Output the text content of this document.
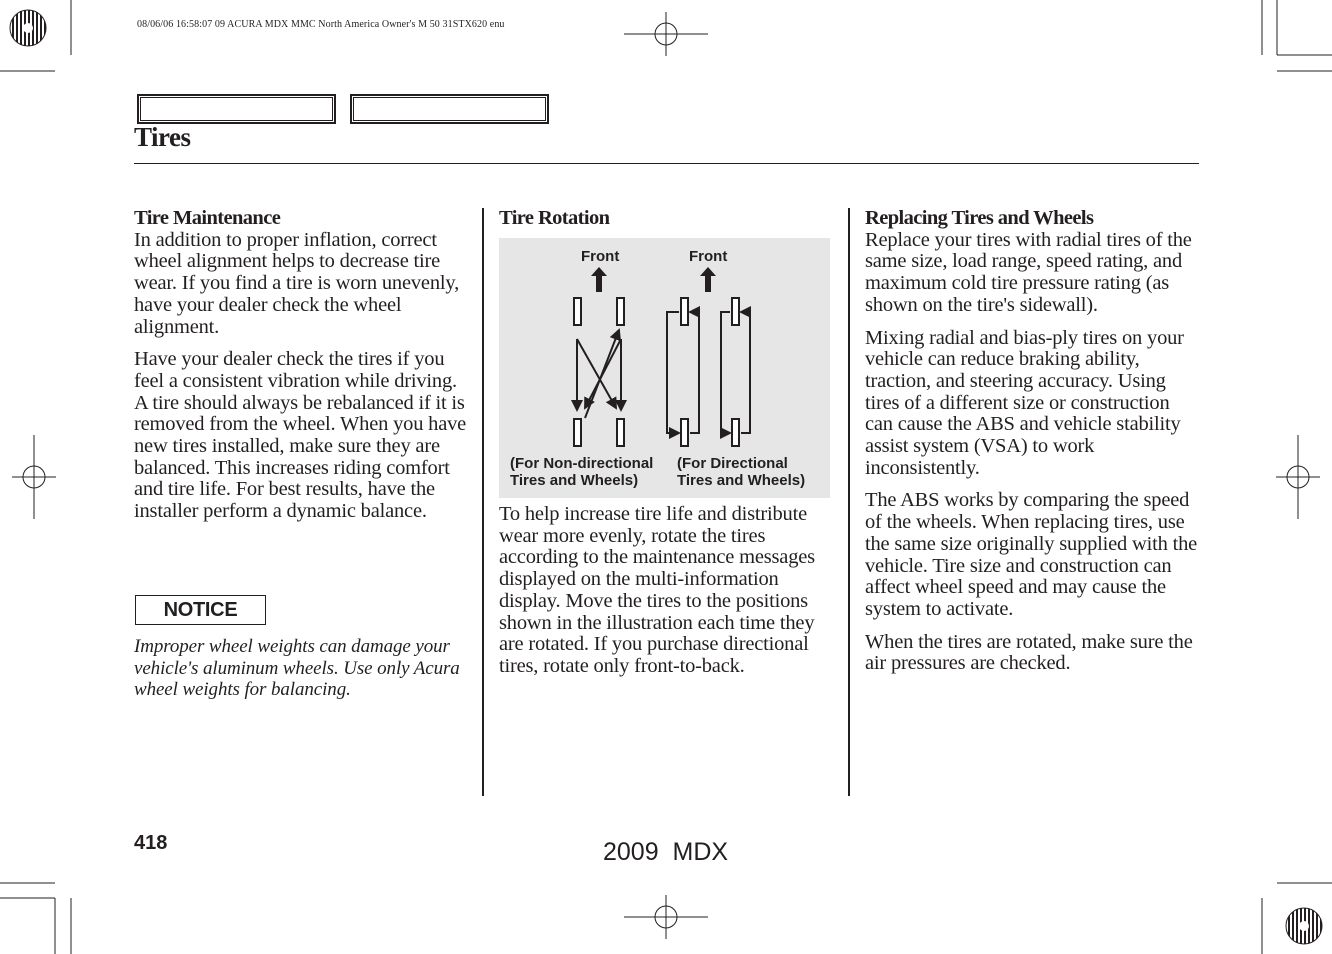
08/06/06 16:58:07 09 ACURA MDX MMC North America Owner's M 50 31STX620 enu
Tires
Tire Maintenance

In addition to proper inflation, correct wheel alignment helps to decrease tire wear. If you find a tire is worn unevenly, have your dealer check the wheel alignment.

Have your dealer check the tires if you feel a consistent vibration while driving. A tire should always be rebalanced if it is removed from the wheel. When you have new tires installed, make sure they are balanced. This increases riding comfort and tire life. For best results, have the installer perform a dynamic balance.

NOTICE
Improper wheel weights can damage your vehicle's aluminum wheels. Use only Acura wheel weights for balancing.
Tire Rotation
Front	Front
(For Non-directional
Tires and Wheels)
(For Directional
Tires and Wheels)

To help increase tire life and distribute wear more evenly, rotate the tires according to the maintenance messages displayed on the multi-information display. Move the tires to the positions shown in the illustration each time they are rotated. If you purchase directional tires, rotate only front-to-back.

Replacing Tires and Wheels

Replace your tires with radial tires of the same size, load range, speed rating, and maximum cold tire pressure rating (as shown on the tire's sidewall).

Mixing radial and bias-ply tires on your vehicle can reduce braking ability, traction, and steering accuracy. Using tires of a different size or construction can cause the ABS and vehicle stability assist system (VSA) to work inconsistently.

The ABS works by comparing the speed of the wheels. When replacing tires, use the same size originally supplied with the vehicle. Tire size and construction can affect wheel speed and may cause the system to activate.

When the tires are rotated, make sure the air pressures are checked.

418	2009  MDX
